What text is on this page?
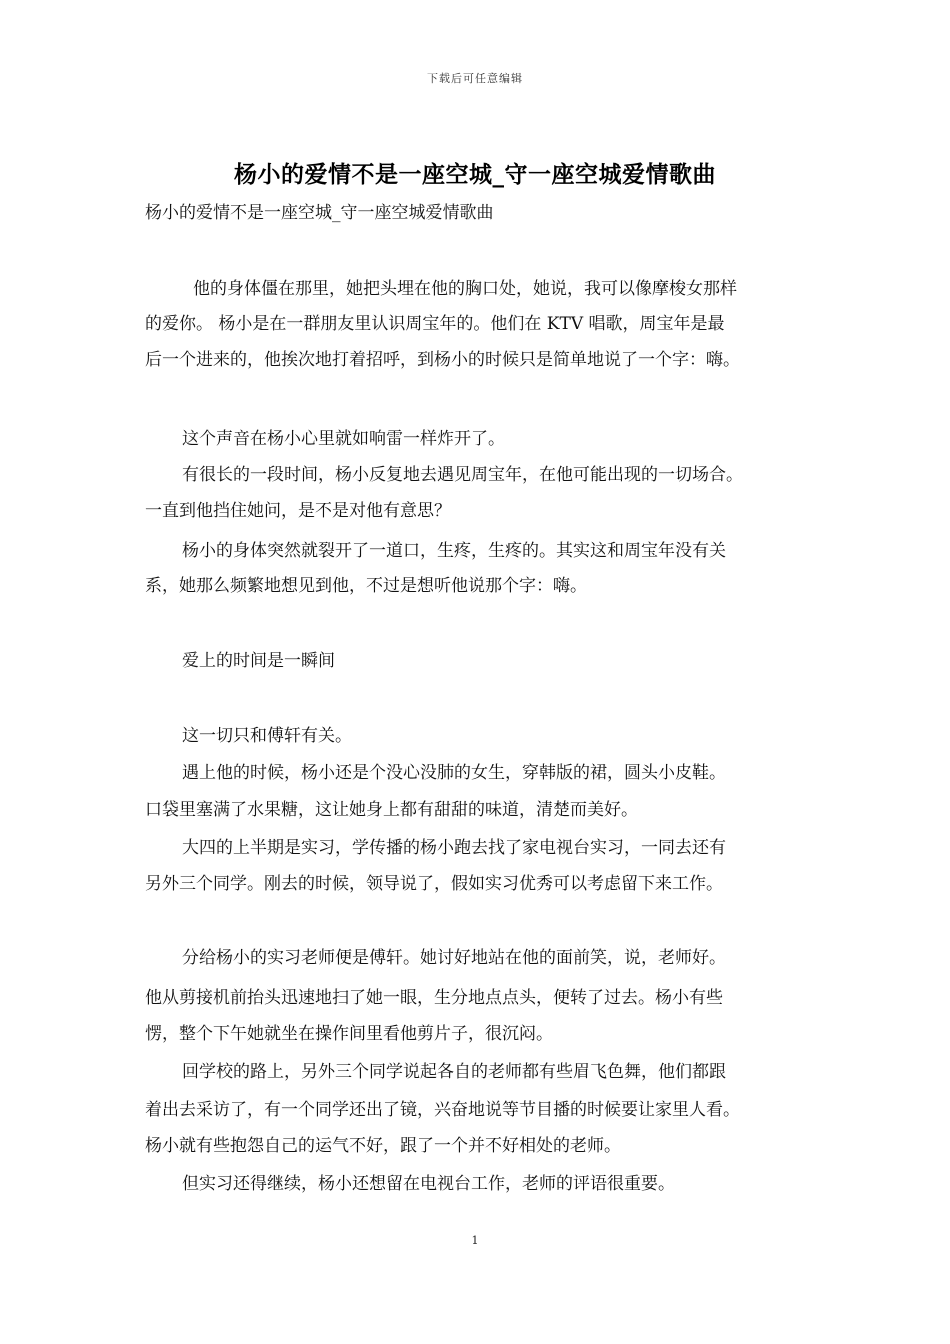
下载后可任意编辑
杨小的爱情不是一座空城_守一座空城爱情歌曲
杨小的爱情不是一座空城_守一座空城爱情歌曲
他的身体僵在那里，她把头埋在他的胸口处，她说，我可以像摩梭女那样
的爱你。 杨小是在一群朋友里认识周宝年的。他们在 KTV 唱歌，周宝年是最
后一个进来的，他挨次地打着招呼，到杨小的时候只是简单地说了一个字：嗨。
这个声音在杨小心里就如响雷一样炸开了。
有很长的一段时间，杨小反复地去遇见周宝年，在他可能出现的一切场合。
一直到他挡住她问，是不是对他有意思？
杨小的身体突然就裂开了一道口，生疼，生疼的。其实这和周宝年没有关
系，她那么频繁地想见到他，不过是想听他说那个字：嗨。
爱上的时间是一瞬间
这一切只和傅轩有关。
遇上他的时候，杨小还是个没心没肺的女生，穿韩版的裙，圆头小皮鞋。
口袋里塞满了水果糖，这让她身上都有甜甜的味道，清楚而美好。
大四的上半期是实习，学传播的杨小跑去找了家电视台实习，一同去还有
另外三个同学。刚去的时候，领导说了，假如实习优秀可以考虑留下来工作。
分给杨小的实习老师便是傅轩。她讨好地站在他的面前笑，说，老师好。
他从剪接机前抬头迅速地扫了她一眼，生分地点点头，便转了过去。杨小有些
愣，整个下午她就坐在操作间里看他剪片子，很沉闷。
回学校的路上，另外三个同学说起各自的老师都有些眉飞色舞，他们都跟
着出去采访了，有一个同学还出了镜，兴奋地说等节目播的时候要让家里人看。
杨小就有些抱怨自己的运气不好，跟了一个并不好相处的老师。
但实习还得继续，杨小还想留在电视台工作，老师的评语很重要。
1
